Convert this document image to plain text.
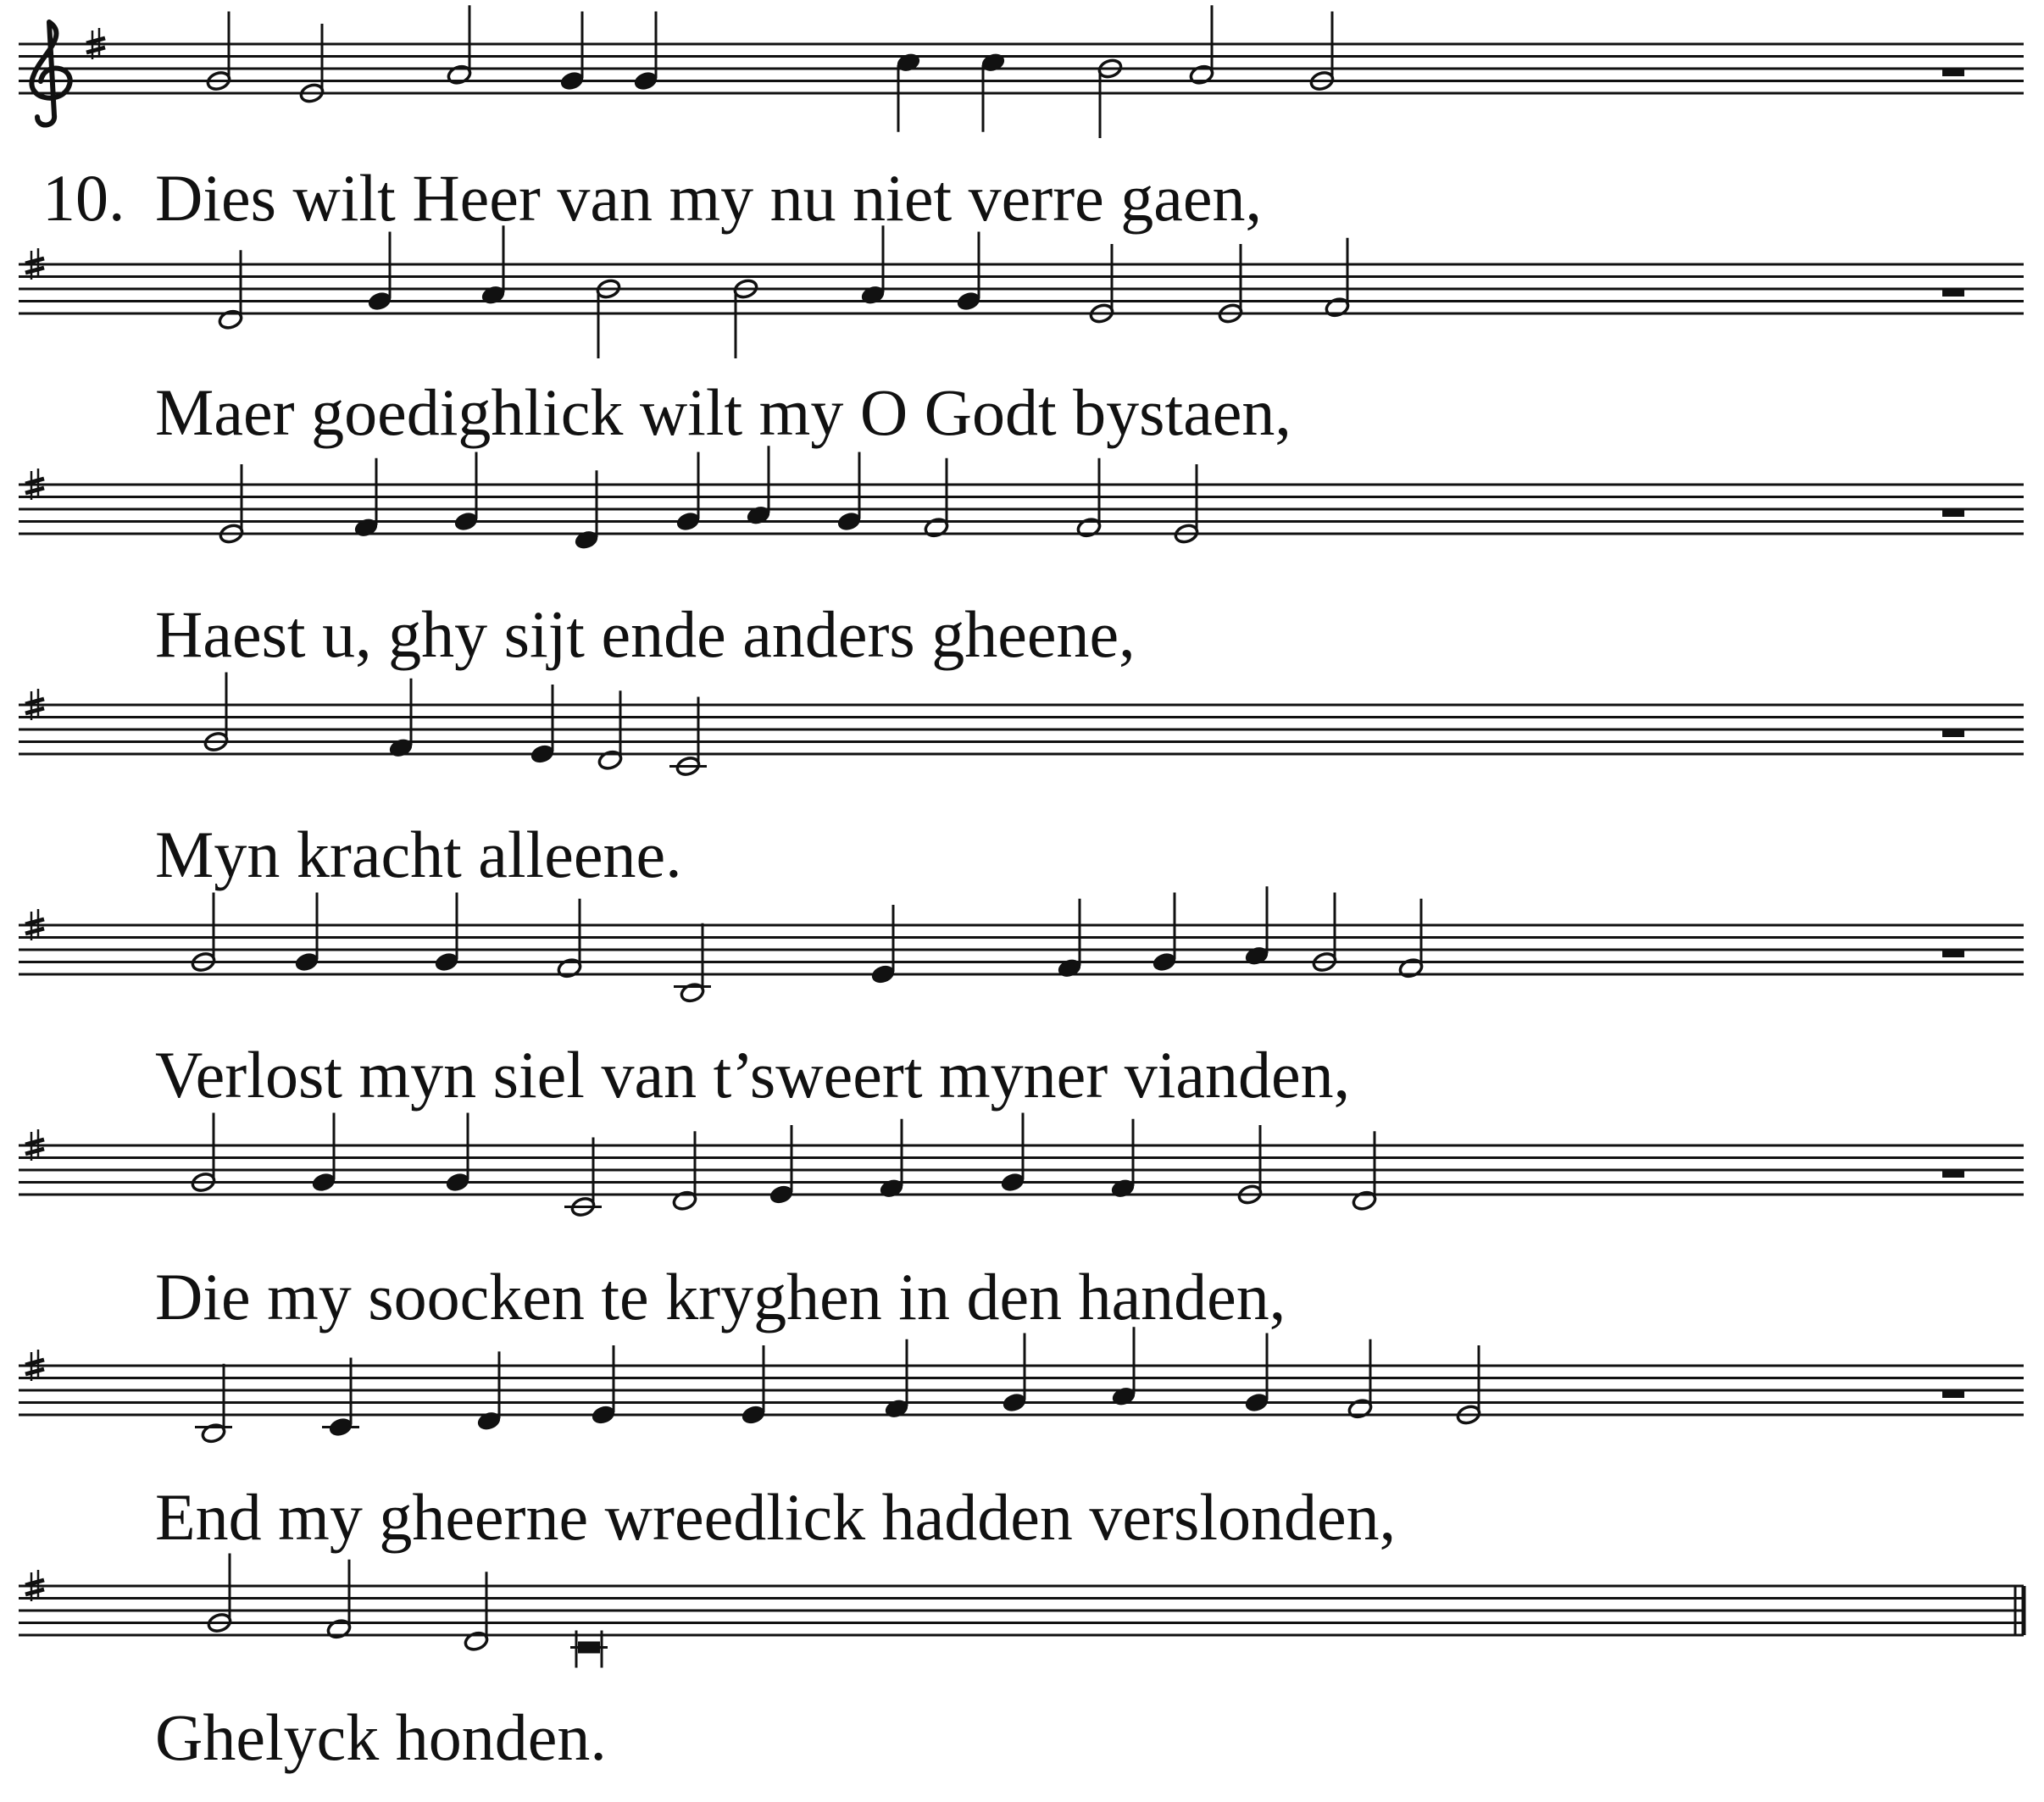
10. Dies wilt Heer van my nu niet verre gaen,
Maer goedighlick wilt my O Godt bystaen,
Haest u, ghy sijt ende anders gheene,
Myn kracht alleene.
Verlost myn siel van t’sweert myner vianden,
Die my soocken te kryghen in den handen,
End my gheerne wreedlick hadden verslonden,
Ghelyck honden.
